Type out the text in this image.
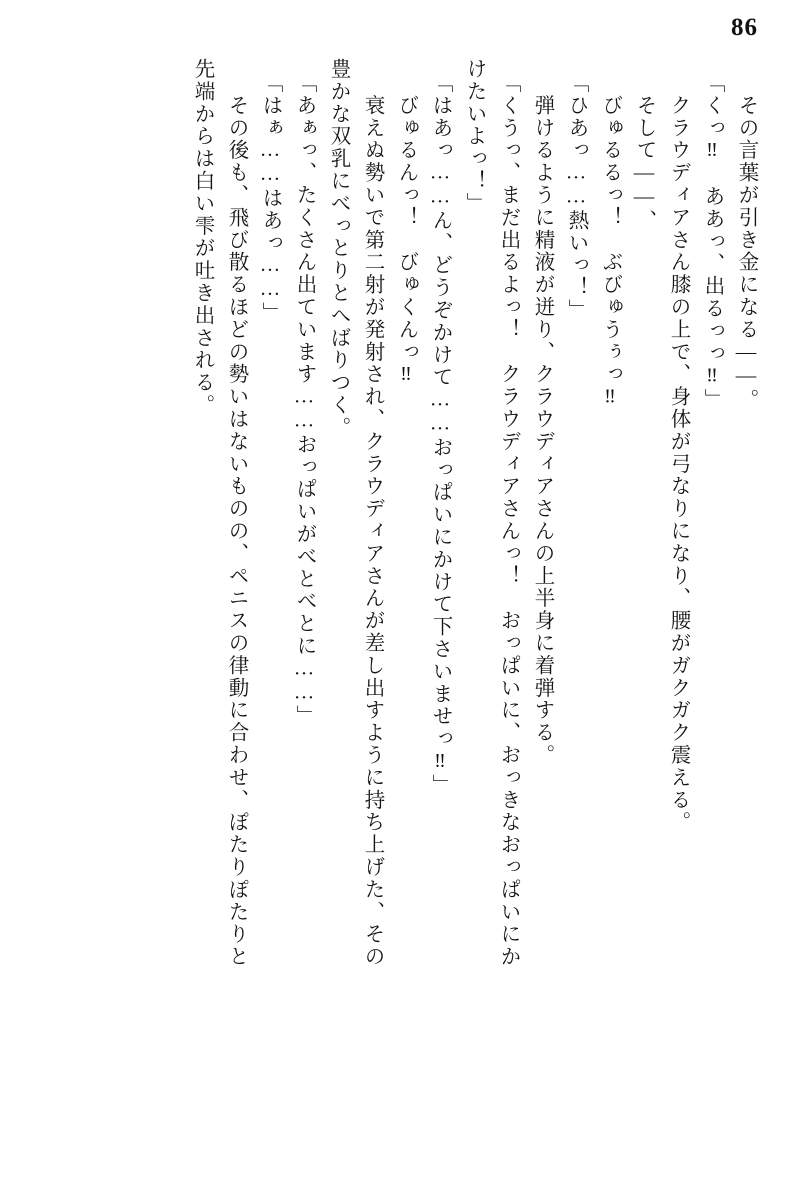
86
　その言葉が引き金になる――。
「くっ‼　ああっ、出るっっ‼」
　クラウディアさん膝の上で、身体が弓なりになり、腰がガクガク震える。
　そして――、
　びゅるるっ！　ぶびゅうぅっ‼
「ひあっ……熱いっ！」
　弾けるように精液が迸り、クラウディアさんの上半身に着弾する。
「くうっ、まだ出るよっ！　クラウディアさんっ！　おっぱいに、おっきなおっぱいにか
けたいよっ！」
「はあっ……ん、どうぞかけて……おっぱいにかけて下さいませっ‼」
　びゅるんっ！　びゅくんっ‼
　衰えぬ勢いで第二射が発射され、クラウディアさんが差し出すように持ち上げた、その
豊かな双乳にべっとりとへばりつく。
「あぁっ、たくさん出ています……おっぱいがべとべとに……」
「はぁ……はあっ……」
　その後も、飛び散るほどの勢いはないものの、ペニスの律動に合わせ、ぽたりぽたりと
先端からは白い雫が吐き出される。
